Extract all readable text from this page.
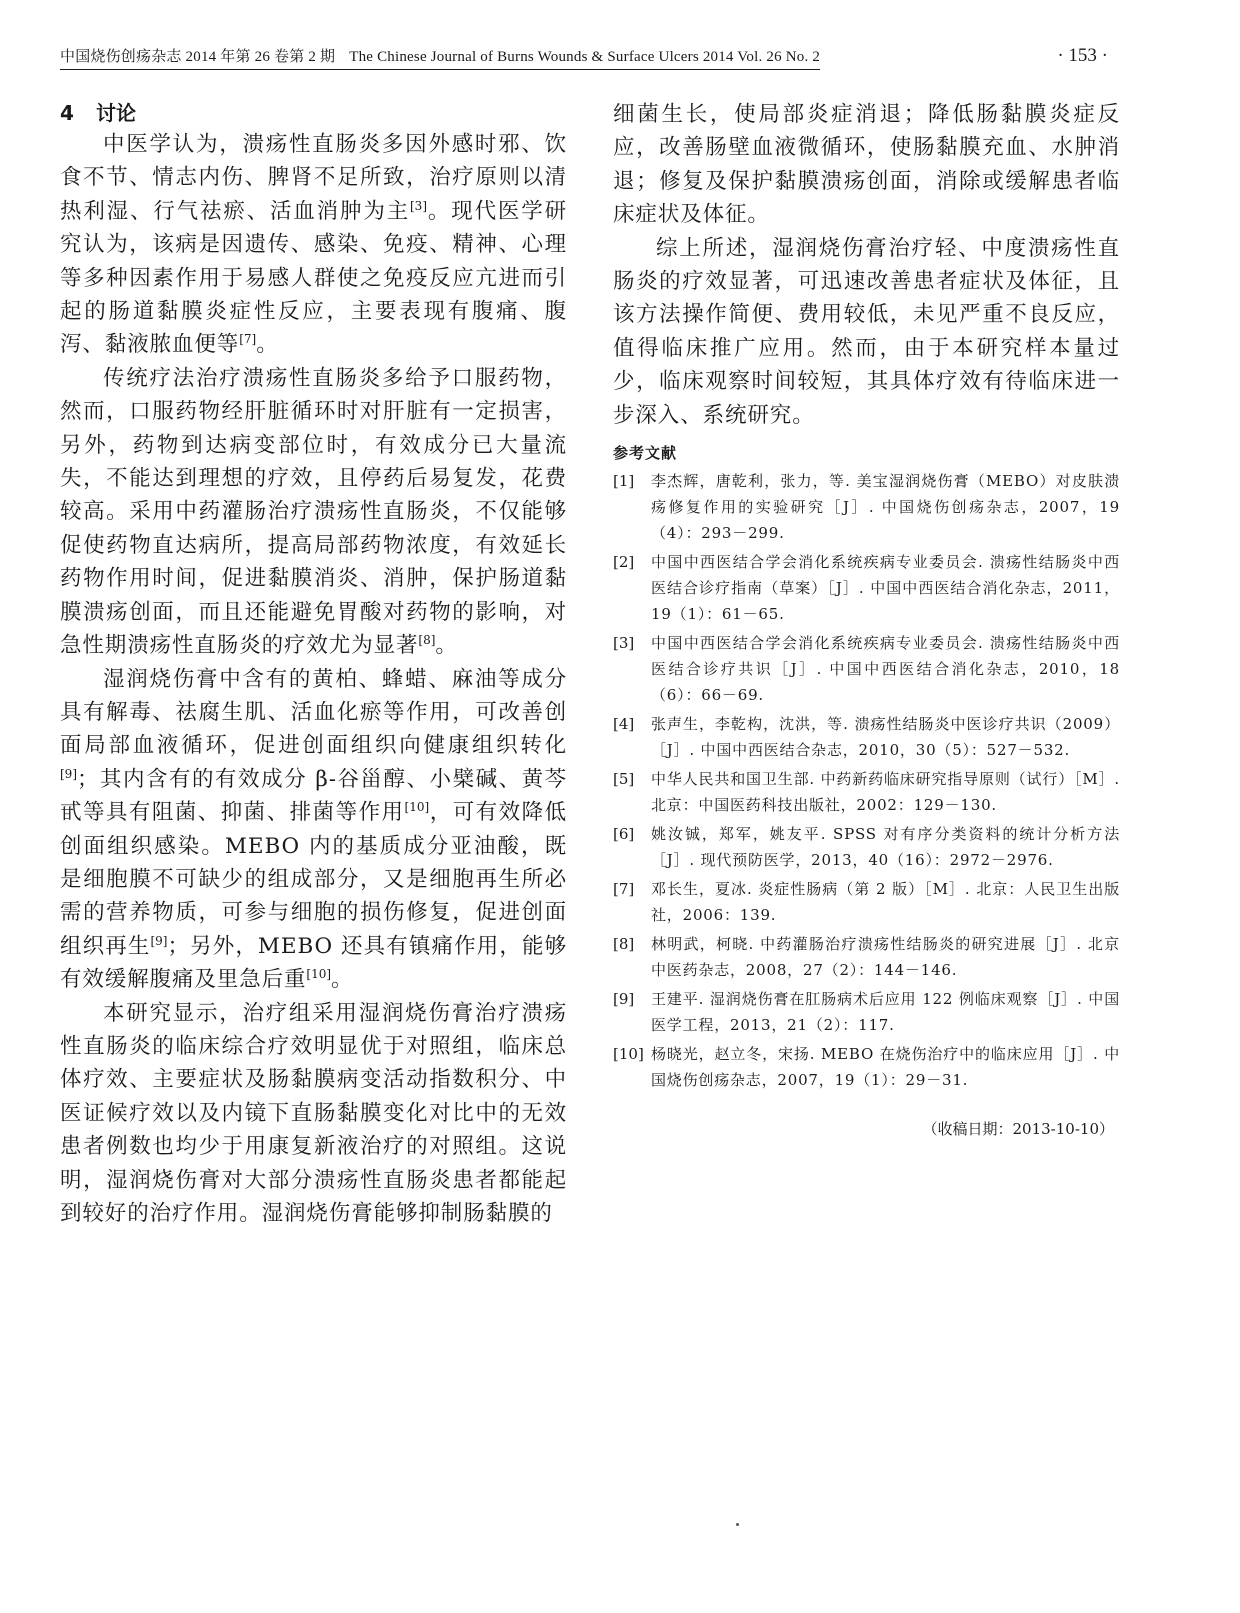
中国烧伤创疡杂志 2014 年第 26 卷第 2 期 The Chinese Journal of Burns Wounds & Surface Ulcers 2014 Vol. 26 No. 2	· 153 ·
4 讨论

中医学认为，溃疡性直肠炎多因外感时邪、饮食不节、情志内伤、脾肾不足所致，治疗原则以清热利湿、行气祛瘀、活血消肿为主[3]。现代医学研究认为，该病是因遗传、感染、免疫、精神、心理等多种因素作用于易感人群使之免疫反应亢进而引起的肠道黏膜炎症性反应，主要表现有腹痛、腹泻、黏液脓血便等[7]。

传统疗法治疗溃疡性直肠炎多给予口服药物，然而，口服药物经肝脏循环时对肝脏有一定损害，另外，药物到达病变部位时，有效成分已大量流失，不能达到理想的疗效，且停药后易复发，花费较高。采用中药灌肠治疗溃疡性直肠炎，不仅能够促使药物直达病所，提高局部药物浓度，有效延长药物作用时间，促进黏膜消炎、消肿，保护肠道黏膜溃疡创面，而且还能避免胃酸对药物的影响，对急性期溃疡性直肠炎的疗效尤为显著[8]。

湿润烧伤膏中含有的黄柏、蜂蜡、麻油等成分具有解毒、祛腐生肌、活血化瘀等作用，可改善创面局部血液循环，促进创面组织向健康组织转化[9]；其内含有的有效成分 β-谷甾醇、小檗碱、黄芩甙等具有阻菌、抑菌、排菌等作用[10]，可有效降低创面组织感染。MEBO 内的基质成分亚油酸，既是细胞膜不可缺少的组成部分，又是细胞再生所必需的营养物质，可参与细胞的损伤修复，促进创面组织再生[9]；另外，MEBO 还具有镇痛作用，能够有效缓解腹痛及里急后重[10]。

本研究显示，治疗组采用湿润烧伤膏治疗溃疡性直肠炎的临床综合疗效明显优于对照组，临床总体疗效、主要症状及肠黏膜病变活动指数积分、中医证候疗效以及内镜下直肠黏膜变化对比中的无效患者例数也均少于用康复新液治疗的对照组。这说明，湿润烧伤膏对大部分溃疡性直肠炎患者都能起到较好的治疗作用。湿润烧伤膏能够抑制肠黏膜的

细菌生长，使局部炎症消退；降低肠黏膜炎症反应，改善肠壁血液微循环，使肠黏膜充血、水肿消退；修复及保护黏膜溃疡创面，消除或缓解患者临床症状及体征。

综上所述，湿润烧伤膏治疗轻、中度溃疡性直肠炎的疗效显著，可迅速改善患者症状及体征，且该方法操作简便、费用较低，未见严重不良反应，值得临床推广应用。然而，由于本研究样本量过少，临床观察时间较短，其具体疗效有待临床进一步深入、系统研究。

参考文献
[1] 李杰辉，唐乾利，张力，等. 美宝湿润烧伤膏（MEBO）对皮肤溃疡修复作用的实验研究［J］. 中国烧伤创疡杂志，2007，19（4）：293－299.
[2] 中国中西医结合学会消化系统疾病专业委员会. 溃疡性结肠炎中西医结合诊疗指南（草案）［J］. 中国中西医结合消化杂志，2011，19（1）：61－65.
[3] 中国中西医结合学会消化系统疾病专业委员会. 溃疡性结肠炎中西医结合诊疗共识［J］. 中国中西医结合消化杂志，2010，18（6）：66－69.
[4] 张声生，李乾构，沈洪，等. 溃疡性结肠炎中医诊疗共识（2009）［J］. 中国中西医结合杂志，2010，30（5）：527－532.
[5] 中华人民共和国卫生部. 中药新药临床研究指导原则（试行）［M］. 北京：中国医药科技出版社，2002：129－130.
[6] 姚汝铖，郑军，姚友平. SPSS 对有序分类资料的统计分析方法［J］. 现代预防医学，2013，40（16）：2972－2976.
[7] 邓长生，夏冰. 炎症性肠病（第 2 版）［M］. 北京：人民卫生出版社，2006：139.
[8] 林明武，柯晓. 中药灌肠治疗溃疡性结肠炎的研究进展［J］. 北京中医药杂志，2008，27（2）：144－146.
[9] 王建平. 湿润烧伤膏在肛肠病术后应用 122 例临床观察［J］. 中国医学工程，2013，21（2）：117.
[10] 杨晓光，赵立冬，宋扬. MEBO 在烧伤治疗中的临床应用［J］. 中国烧伤创疡杂志，2007，19（1）：29－31.
（收稿日期：2013-10-10）
